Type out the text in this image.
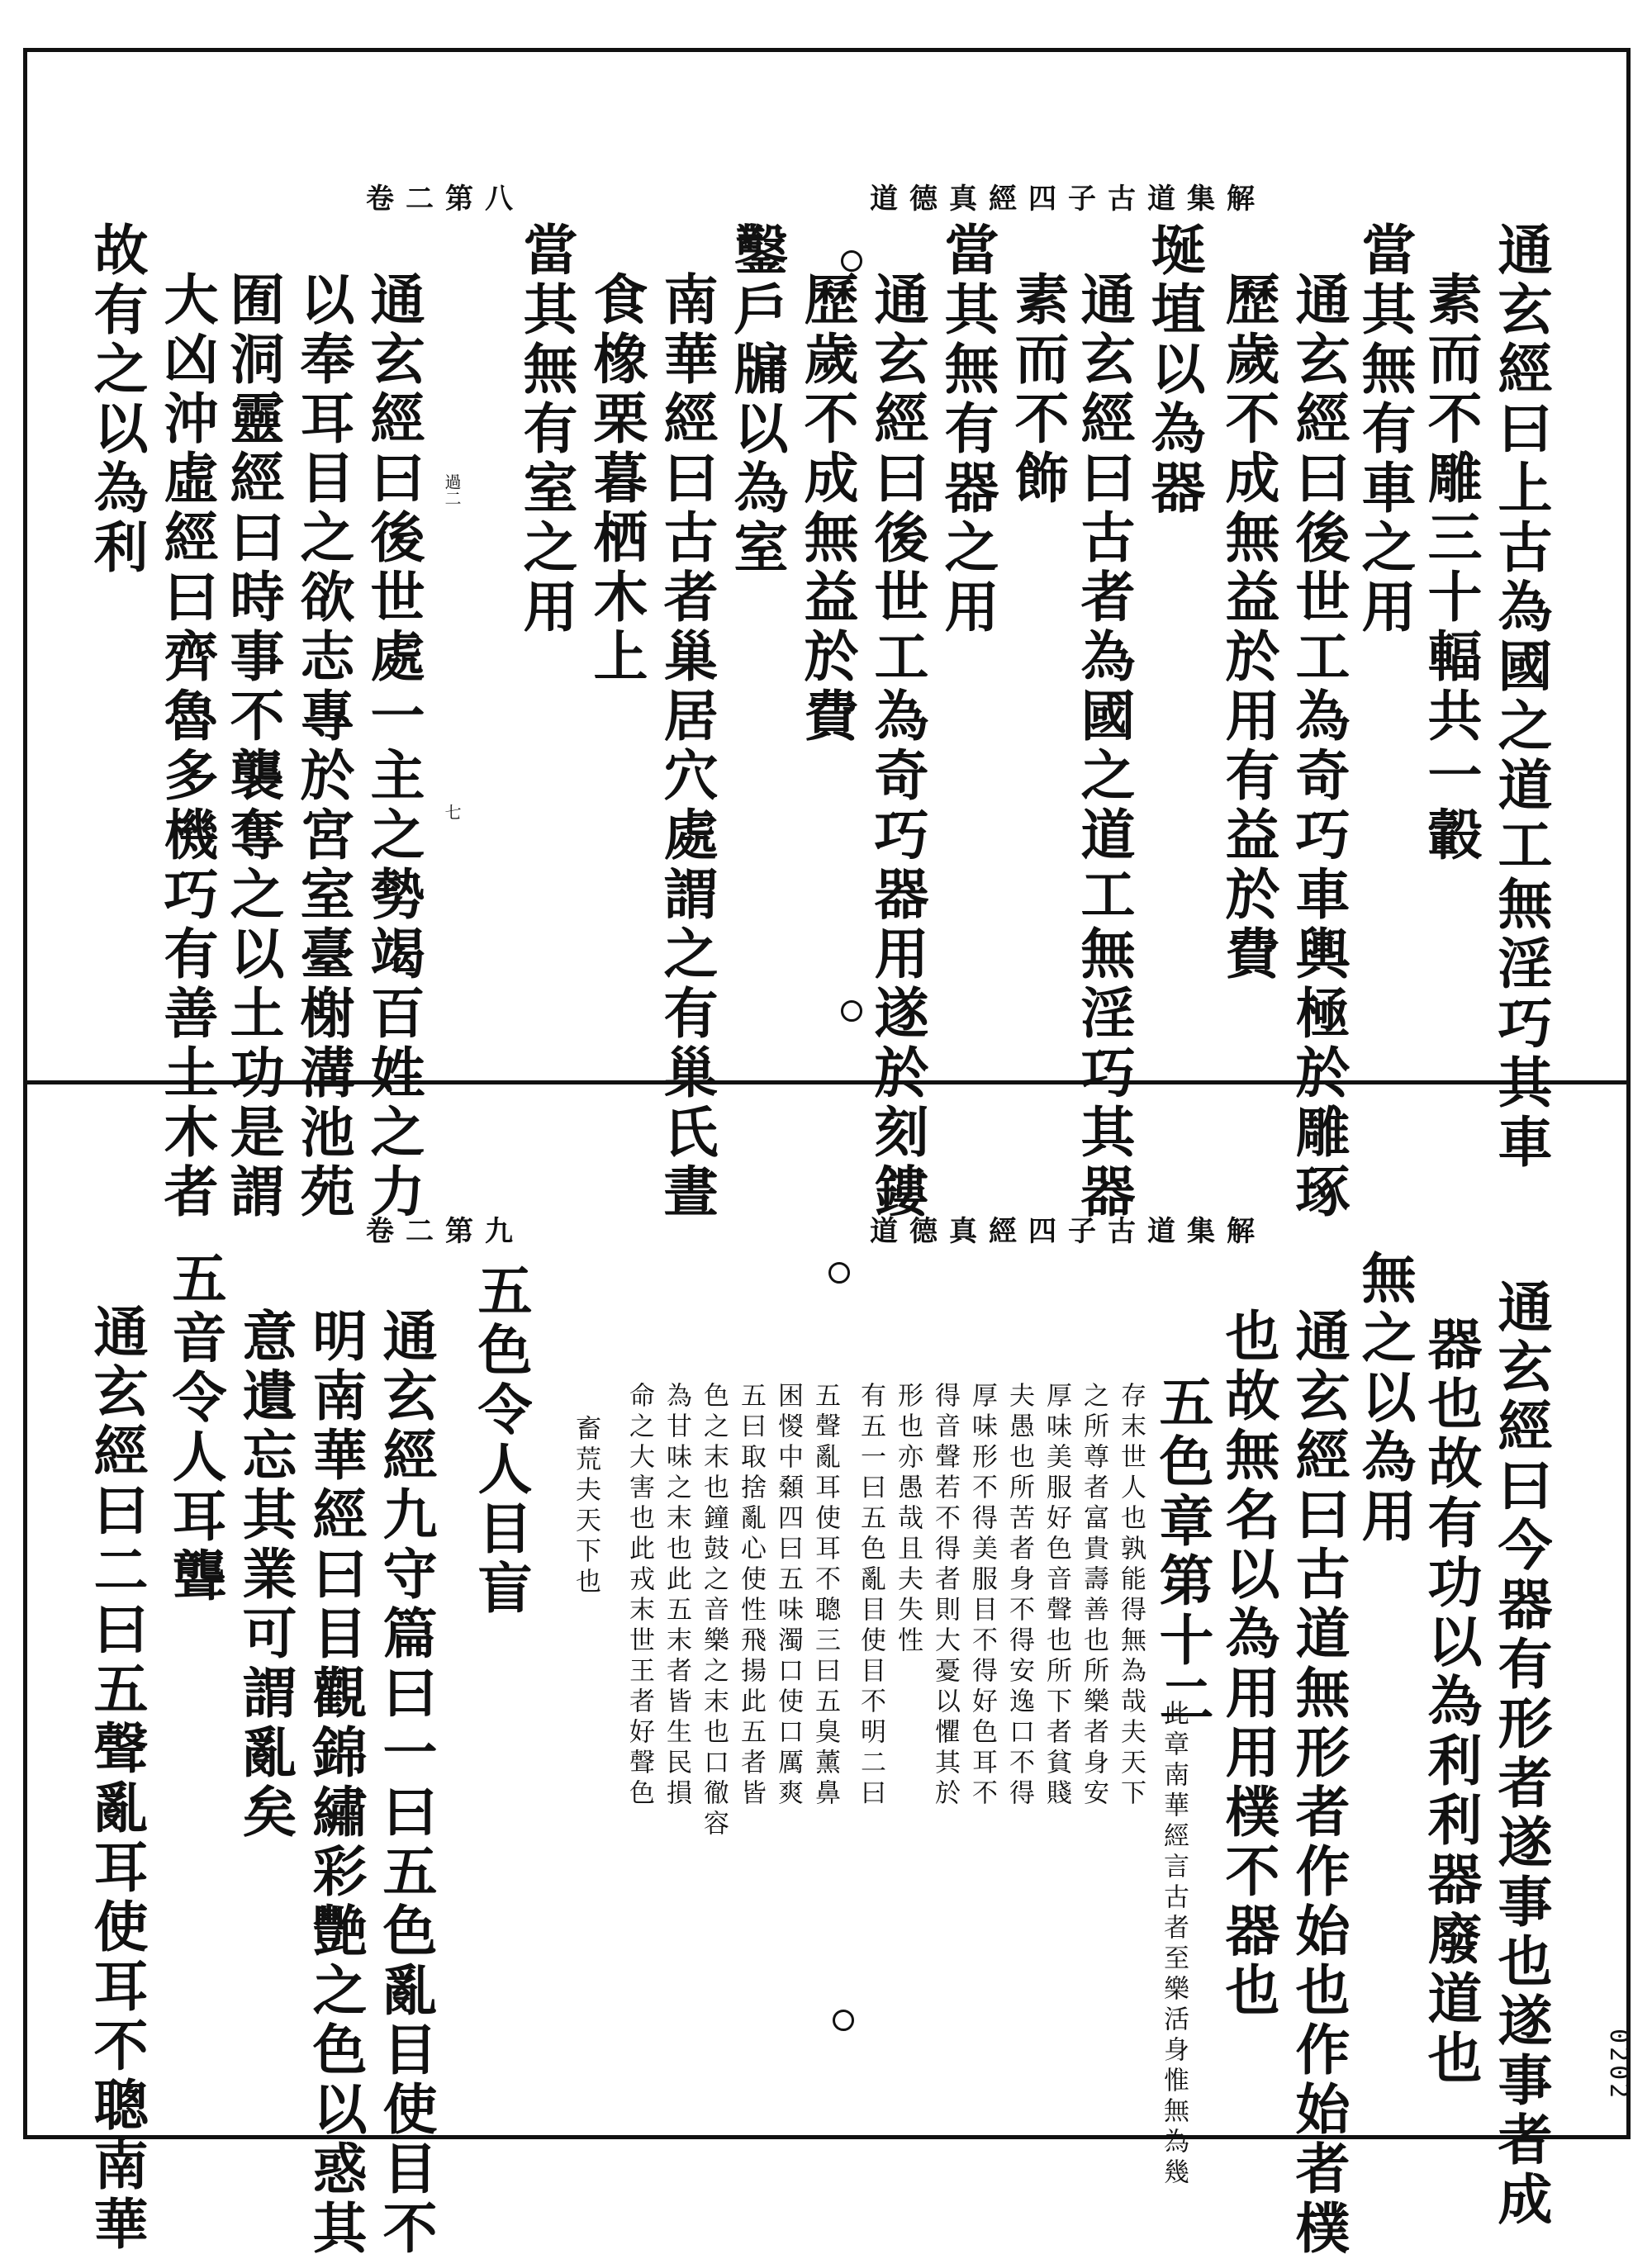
道德真經四子古道集解
卷二第八
通玄經曰上古為國之道工無淫巧其車
素而不雕三十輻共一轂
當其無有車之用
通玄經曰後世工為奇巧車輿極於雕琢
歷歲不成無益於用有益於費
埏埴以為器
通玄經曰古者為國之道工無淫巧其器
素而不飾
當其無有器之用
通玄經曰後世工為奇巧器用遂於刻鏤
歷歲不成無益於費
鑿戶牖以為室
南華經曰古者巢居穴處謂之有巢氏晝
食橡栗暮栖木上
當其無有室之用
通玄經曰後世處一主之勢竭百姓之力
以奉耳目之欲志專於宮室臺榭溝池苑
囿洞靈經曰時事不襲奪之以土功是謂
大凶沖虛經曰齊魯多機巧有善土木者
故有之以為利	過二
七
道德真經四子古道集解
卷二第九
通玄經曰今器有形者遂事也遂事者成
器也故有功以為利利器廢道也
無之以為用
通玄經曰古道無形者作始也作始者樸
也故無名以為用用樸不器也
五色章第十二
此章南華經言古者至樂活身惟無為幾
存末世人也孰能得無為哉夫天下
之所尊者富貴壽善也所樂者身安
厚味美服好色音聲也所下者貧賤
夫愚也所苦者身不得安逸口不得
厚味形不得美服目不得好色耳不
得音聲若不得者則大憂以懼其於
形也亦愚哉且夫失性
有五一曰五色亂目使目不明二曰
五聲亂耳使耳不聰三曰五臭薰鼻
困惾中顙四曰五味濁口使口厲爽
五曰取捨亂心使性飛揚此五者皆
色之末也鐘鼓之音樂之末也口徹容
為甘味之末也此五末者皆生民損
命之大害也此戎末世王者好聲色
畜荒夫天下也
五色令人目盲
通玄經九守篇曰一曰五色亂目使目不
明南華經曰目觀錦繡彩艷之色以惑其
意遺忘其業可謂亂矣
五音令人耳聾
通玄經曰二曰五聲亂耳使耳不聰南華	0202
